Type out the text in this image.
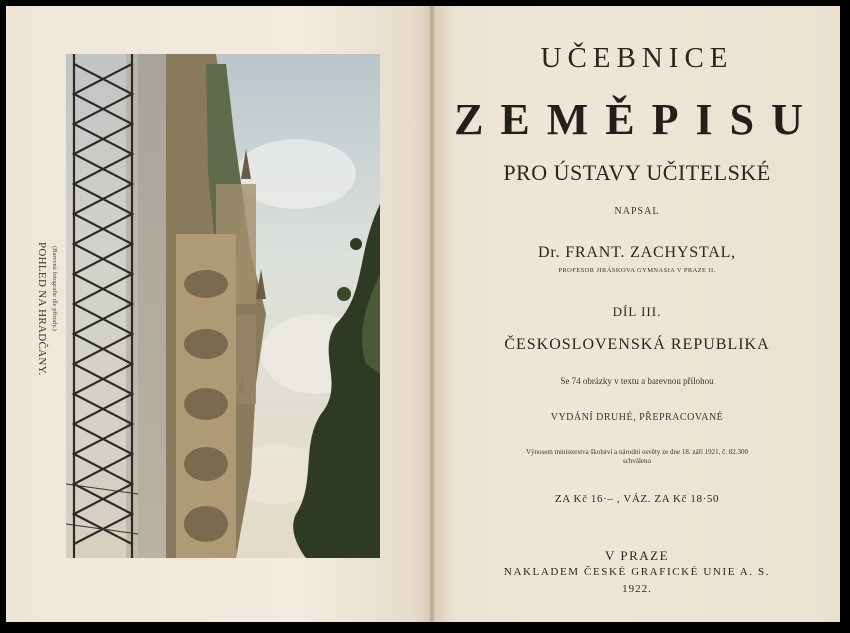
POHLED NA HRADČANY. (Barevná fotografie dle přírody.)
UČEBNICE
ZEMĚPISU
PRO ÚSTAVY UČITELSKÉ
NAPSAL
Dr. FRANT. ZACHYSTAL,
PROFESOR JIRÁSKOVA GYMNASIA V PRAZE II.
DÍL III.
ČESKOSLOVENSKÁ REPUBLIKA
Se 74 obrázky v textu a barevnou přílohou
VYDÁNÍ DRUHÉ, PŘEPRACOVANÉ
Výnosem ministerstva školství a národní osvěty ze dne 18. září 1921, č. 82.300
schváleno
ZA Kč 16·– , VÁZ. ZA Kč 18·50
V PRAZE
NAKLADEM ČESKÉ GRAFICKÉ UNIE A. S.
1922.
